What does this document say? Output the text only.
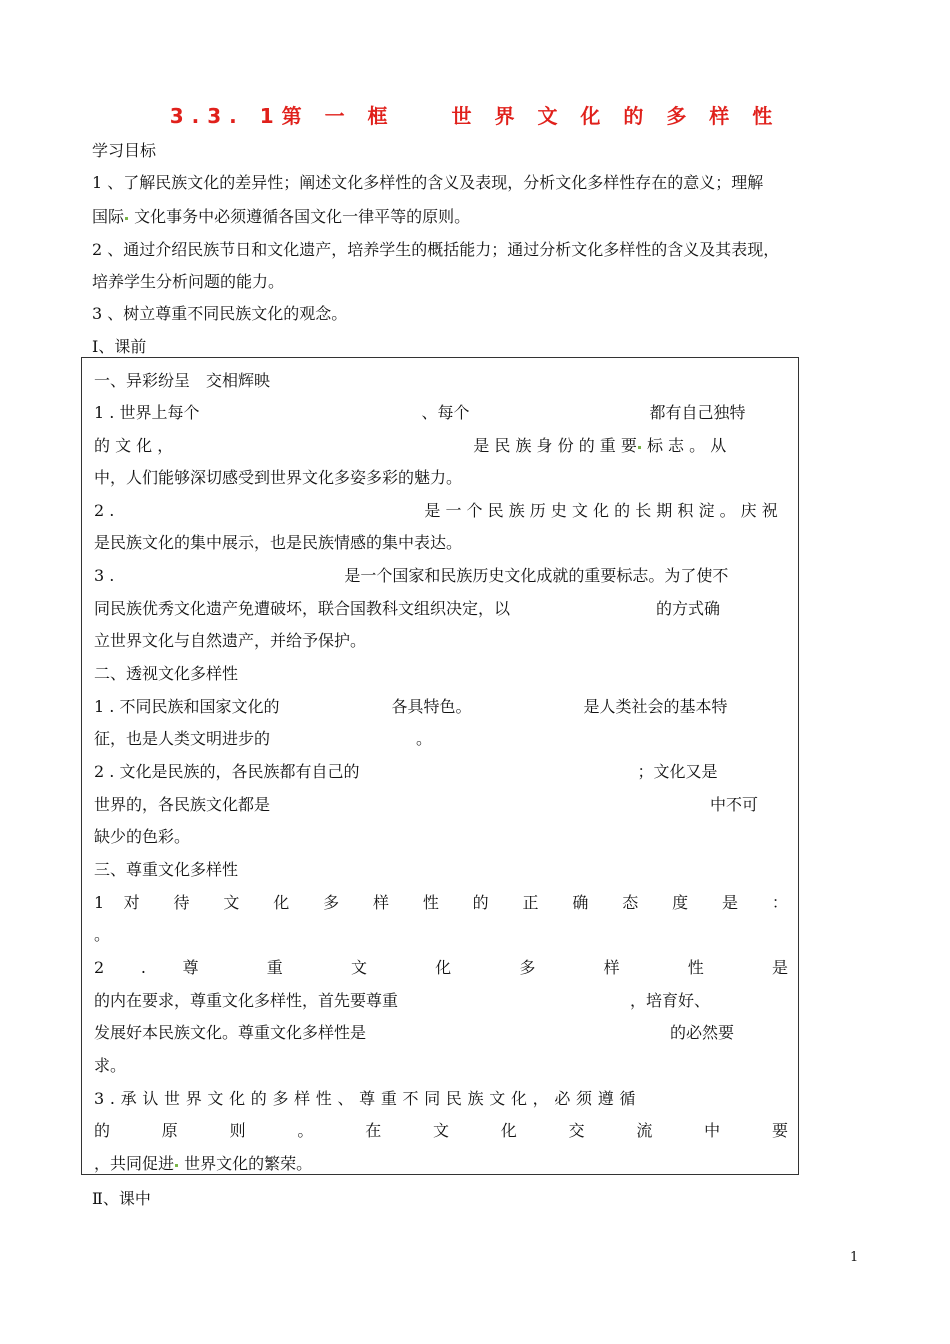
3.3. 1第 一 框　　世 界 文 化 的 多 样 性
学习目标
1 、了解民族文化的差异性；阐述文化多样性的含义及表现，分析文化多样性存在的意义；理解
国际 文化事务中必须遵循各国文化一律平等的原则。
2 、通过介绍民族节日和文化遗产，培养学生的概括能力；通过分析文化多样性的含义及其表现，
培养学生分析问题的能力。
3 、树立尊重不同民族文化的观念。
Ⅰ、课前
一、异彩纷呈　交相辉映
1 . 世界上每个	、每个	都有自己独特
的 文 化 ，	是 民 族 身 份 的 重 要 标 志 。 从
中，人们能够深切感受到世界文化多姿多彩的魅力。
2 .	是 一 个 民 族 历 史 文 化 的 长 期 积 淀 。 庆 祝
是民族文化的集中展示，也是民族情感的集中表达。
3 .	是一个国家和民族历史文化成就的重要标志。为了使不
同民族优秀文化遗产免遭破坏，联合国教科文组织决定，以	的方式确
立世界文化与自然遗产，并给予保护。
二、透视文化多样性
1 . 不同民族和国家文化的	各具特色。	是人类社会的基本特
征，也是人类文明进步的	。
2 . 文化是民族的，各民族都有自己的	；文化又是
世界的，各民族文化都是	中不可
缺少的色彩。
三、尊重文化多样性
1 对 待 文 化 多 样 性 的 正 确 态 度 是 ：
。
2 . 尊 重 文 化 多 样 性 是
的内在要求，尊重文化多样性，首先要尊重	，培育好、
发展好本民族文化。尊重文化多样性是	的必然要
求。
3 . 承 认 世 界 文 化 的 多 样 性 、 尊 重 不 同 民 族 文 化 ， 必 须 遵 循
的 原 则 。 在 文 化 交 流 中 要
，共同促进 世界文化的繁荣。
Ⅱ、课中
1
